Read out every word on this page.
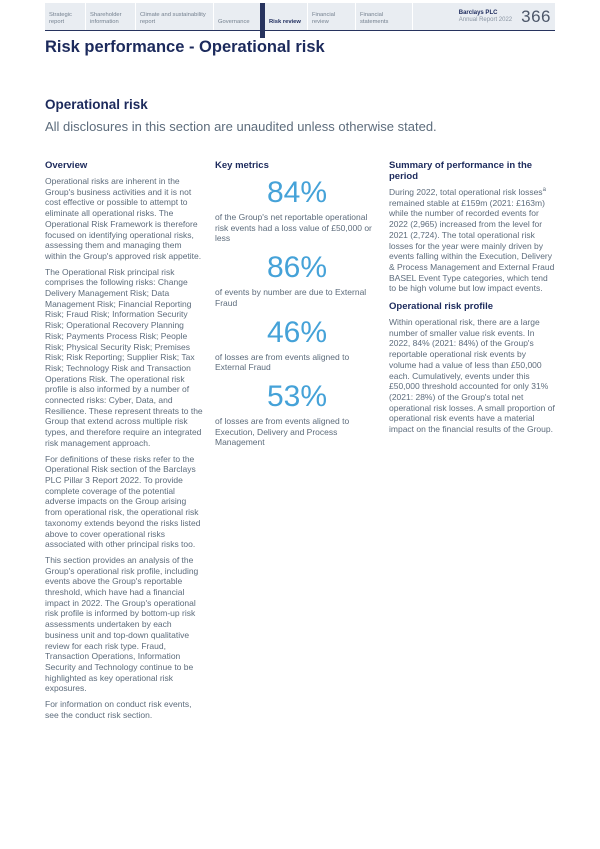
Strategic report
Shareholder information
Climate and sustainability report	Governance	Risk review
Financial review
Financial statements
Barclays PLC
Annual Report 2022 366
Risk performance - Operational risk
Operational risk
All disclosures in this section are unaudited unless otherwise stated.
Overview

Operational risks are inherent in the Group's business activities and it is not cost effective or possible to attempt to eliminate all operational risks. The Operational Risk Framework is therefore focused on identifying operational risks, assessing them and managing them within the Group's approved risk appetite.

The Operational Risk principal risk comprises the following risks: Change Delivery Management Risk; Data Management Risk; Financial Reporting Risk; Fraud Risk; Information Security Risk; Operational Recovery Planning Risk; Payments Process Risk; People Risk; Physical Security Risk; Premises Risk; Risk Reporting; Supplier Risk; Tax Risk; Technology Risk and Transaction Operations Risk. The operational risk profile is also informed by a number of connected risks: Cyber, Data, and Resilience. These represent threats to the Group that extend across multiple risk types, and therefore require an integrated risk management approach.

For definitions of these risks refer to the Operational Risk section of the Barclays PLC Pillar 3 Report 2022. To provide complete coverage of the potential adverse impacts on the Group arising from operational risk, the operational risk taxonomy extends beyond the risks listed above to cover operational risks associated with other principal risks too.

This section provides an analysis of the Group's operational risk profile, including events above the Group's reportable threshold, which have had a financial impact in 2022. The Group's operational risk profile is informed by bottom-up risk assessments undertaken by each business unit and top-down qualitative review for each risk type. Fraud, Transaction Operations, Information Security and Technology continue to be highlighted as key operational risk exposures.

For information on conduct risk events, see the conduct risk section.

Key metrics
84%
of the Group's net reportable operational risk events had a loss value of £50,000 or less
86%
of events by number are due to External Fraud
46%
of losses are from events aligned to External Fraud
53%
of losses are from events aligned to Execution, Delivery and Process Management
Summary of performance in the period

During 2022, total operational risk losses$^a$ remained stable at £159m (2021: £163m) while the number of recorded events for 2022 (2,965) increased from the level for 2021 (2,724). The total operational risk losses for the year were mainly driven by events falling within the Execution, Delivery & Process Management and External Fraud BASEL Event Type categories, which tend to be high volume but low impact events.

Operational risk profile

Within operational risk, there are a large number of smaller value risk events. In 2022, 84% (2021: 84%) of the Group's reportable operational risk events by volume had a value of less than £50,000 each. Cumulatively, events under this £50,000 threshold accounted for only 31% (2021: 28%) of the Group's total net operational risk losses. A small proportion of operational risk events have a material impact on the financial results of the Group.
